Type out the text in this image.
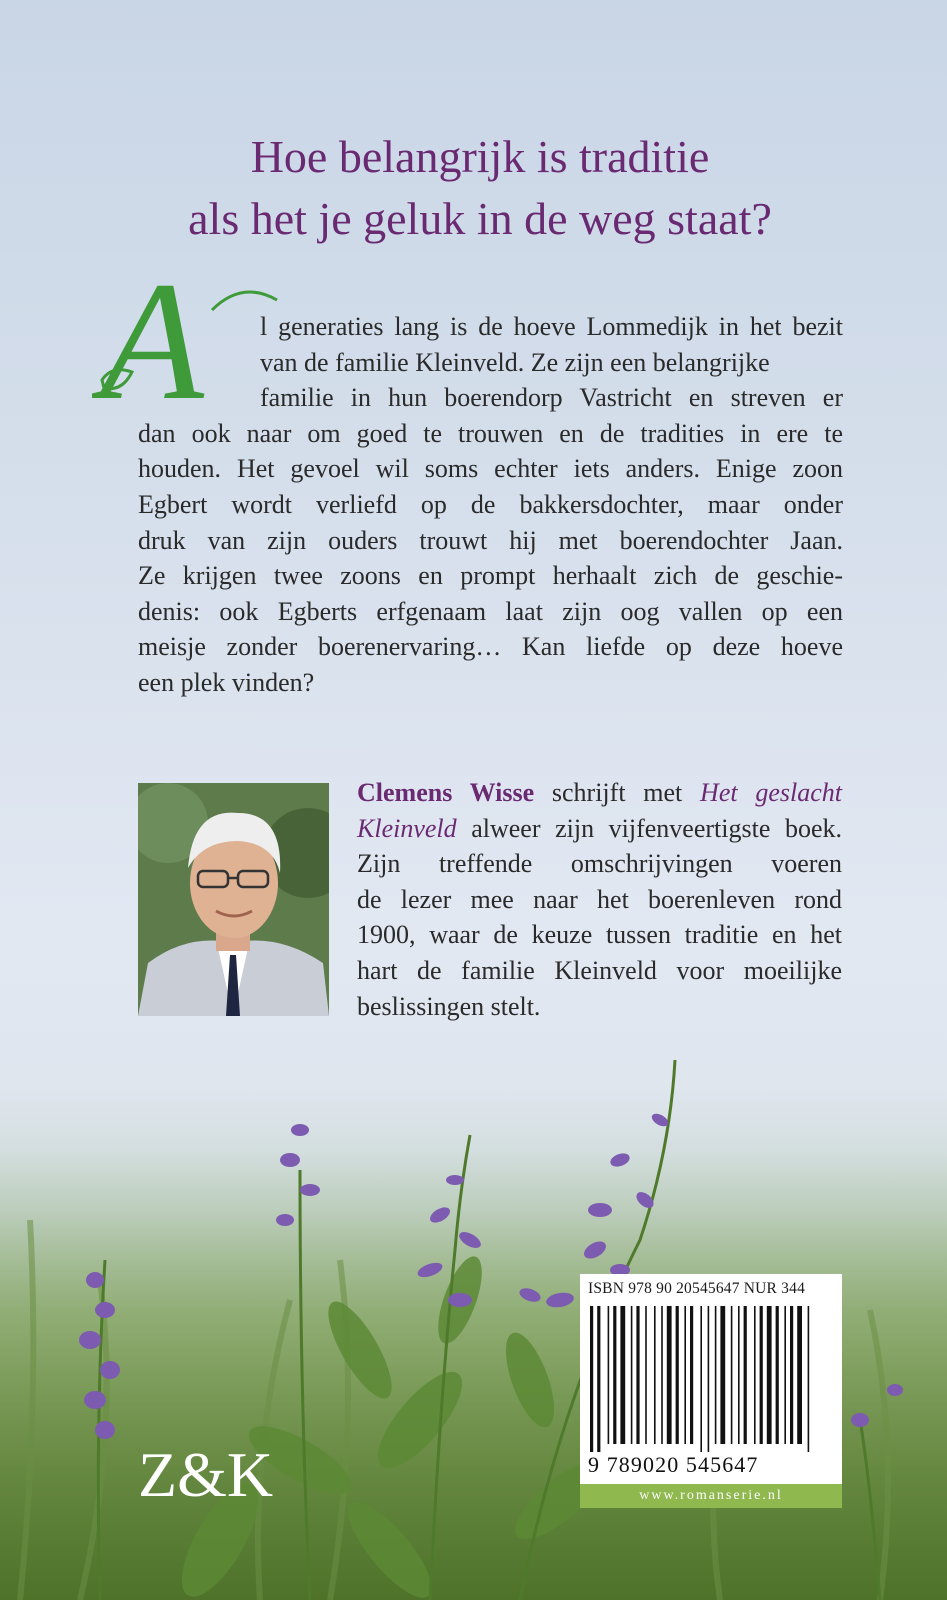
Hoe belangrijk is traditie
als het je geluk in de weg staat?
A	l generaties lang is de hoeve Lommedijk in het bezit
van de familie Kleinveld. Ze zijn een belangrijke
familie in hun boerendorp Vastricht en streven er
dan ook naar om goed te trouwen en de tradities in ere te
houden. Het gevoel wil soms echter iets anders. Enige zoon
Egbert wordt verliefd op de bakkersdochter, maar onder
druk van zijn ouders trouwt hij met boerendochter Jaan.
Ze krijgen twee zoons en prompt herhaalt zich de geschie-
denis: ook Egberts erfgenaam laat zijn oog vallen op een
meisje zonder boerenervaring… Kan liefde op deze hoeve
een plek vinden?
Clemens Wisse schrijft met Het geslacht
Kleinveld alweer zijn vijfenveertigste boek.
Zijn treffende omschrijvingen voeren
de lezer mee naar het boerenleven rond
1900, waar de keuze tussen traditie en het
hart de familie Kleinveld voor moeilijke
beslissingen stelt.
ISBN 978 90 20545647 NUR 344
9 789020 545647
www.romanserie.nl
Z&K
